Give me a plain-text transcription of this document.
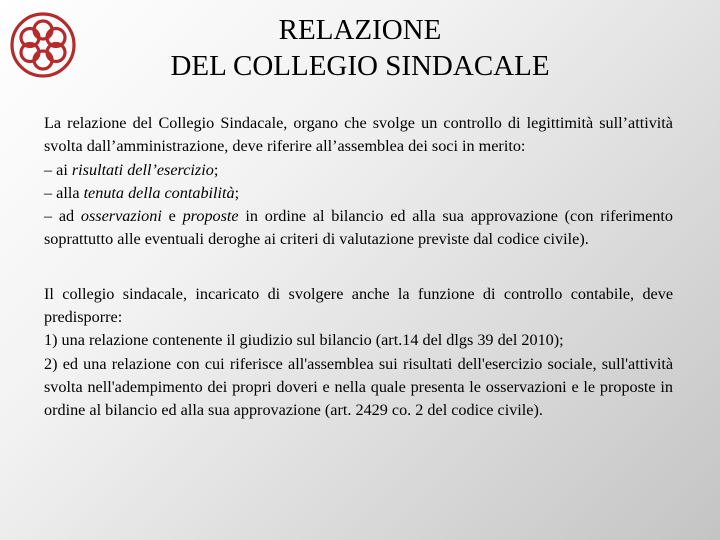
RELAZIONE
DEL COLLEGIO SINDACALE

La relazione del Collegio Sindacale, organo che svolge un controllo di legittimità sull’attività svolta dall’amministrazione, deve riferire all’assemblea dei soci in merito:

– ai risultati dell’esercizio;

– alla tenuta della contabilità;

– ad osservazioni e proposte in ordine al bilancio ed alla sua approvazione (con riferimento soprattutto alle eventuali deroghe ai criteri di valutazione previste dal codice civile).

Il collegio sindacale, incaricato di svolgere anche la funzione di controllo contabile, deve predisporre:

1) una relazione contenente il giudizio sul bilancio (art.14 del dlgs 39 del 2010);

2) ed una relazione con cui riferisce all'assemblea sui risultati dell'esercizio sociale, sull'attività svolta nell'adempimento dei propri doveri e nella quale presenta le osservazioni e le proposte in ordine al bilancio ed alla sua approvazione (art. 2429 co. 2 del codice civile).
